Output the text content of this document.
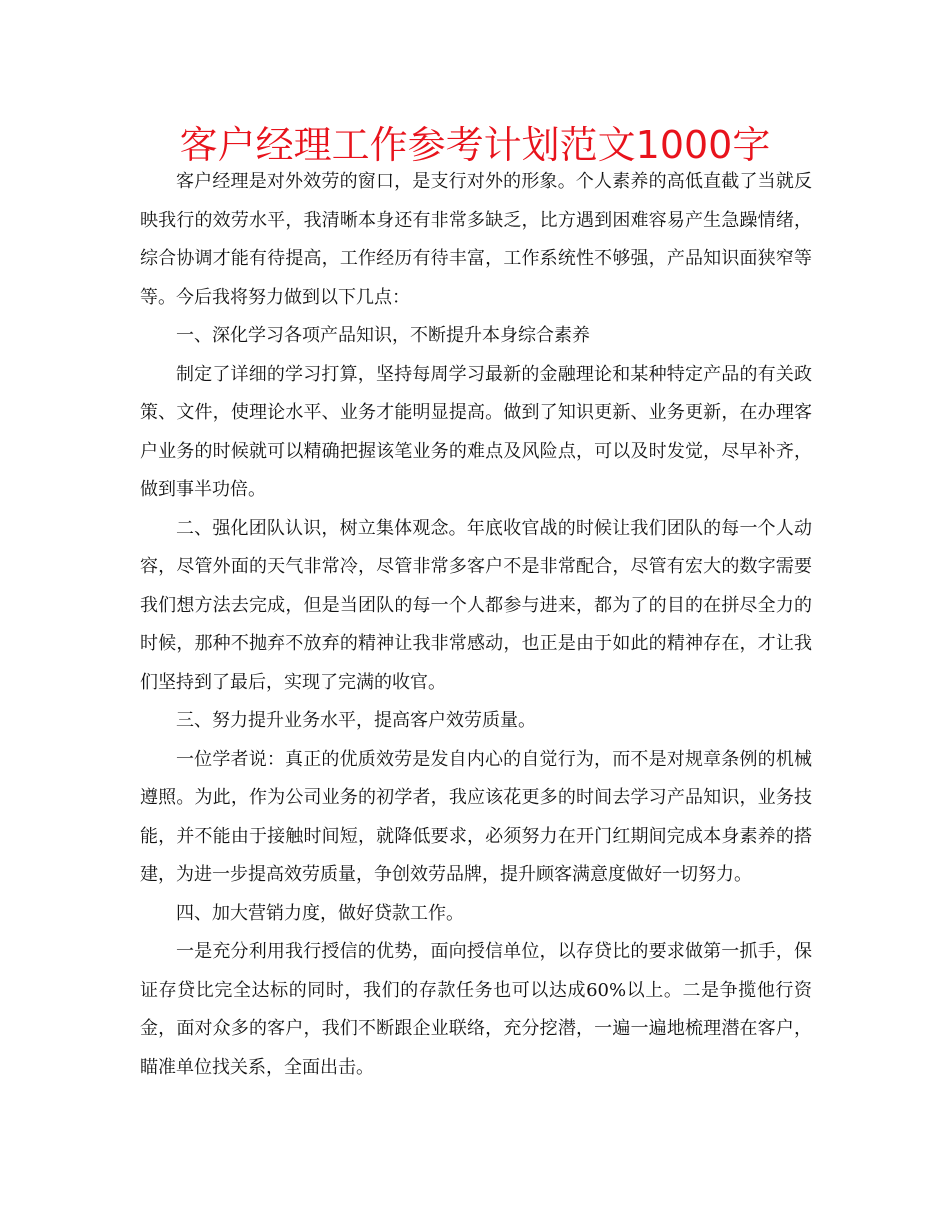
客户经理工作参考计划范文1000字

客户经理是对外效劳的窗口，是支行对外的形象。个人素养的高低直截了当就反映我行的效劳水平，我清晰本身还有非常多缺乏，比方遇到困难容易产生急躁情绪，综合协调才能有待提高，工作经历有待丰富，工作系统性不够强，产品知识面狭窄等等。今后我将努力做到以下几点：

一、深化学习各项产品知识，不断提升本身综合素养

制定了详细的学习打算，坚持每周学习最新的金融理论和某种特定产品的有关政策、文件，使理论水平、业务才能明显提高。做到了知识更新、业务更新，在办理客户业务的时候就可以精确把握该笔业务的难点及风险点，可以及时发觉，尽早补齐，做到事半功倍。

二、强化团队认识，树立集体观念。年底收官战的时候让我们团队的每一个人动容，尽管外面的天气非常冷，尽管非常多客户不是非常配合，尽管有宏大的数字需要我们想方法去完成，但是当团队的每一个人都参与进来，都为了的目的在拼尽全力的时候，那种不抛弃不放弃的精神让我非常感动，也正是由于如此的精神存在，才让我们坚持到了最后，实现了完满的收官。

三、努力提升业务水平，提高客户效劳质量。

一位学者说：真正的优质效劳是发自内心的自觉行为，而不是对规章条例的机械遵照。为此，作为公司业务的初学者，我应该花更多的时间去学习产品知识，业务技能，并不能由于接触时间短，就降低要求，必须努力在开门红期间完成本身素养的搭建，为进一步提高效劳质量，争创效劳品牌，提升顾客满意度做好一切努力。

四、加大营销力度，做好贷款工作。

一是充分利用我行授信的优势，面向授信单位，以存贷比的要求做第一抓手，保证存贷比完全达标的同时，我们的存款任务也可以达成60%以上。二是争揽他行资金，面对众多的客户，我们不断跟企业联络，充分挖潜，一遍一遍地梳理潜在客户，瞄准单位找关系，全面出击。
